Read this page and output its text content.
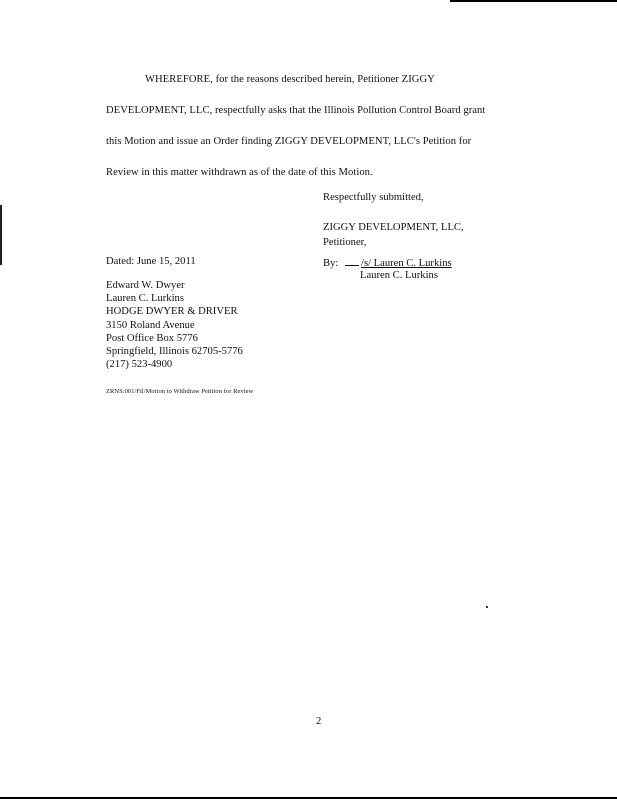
WHEREFORE, for the reasons described herein, Petitioner ZIGGY
DEVELOPMENT, LLC, respectfully asks that the Illinois Pollution Control Board grant
this Motion and issue an Order finding ZIGGY DEVELOPMENT, LLC's Petition for
Review in this matter withdrawn as of the date of this Motion.
Respectfully submitted,
ZIGGY DEVELOPMENT, LLC,
Petitioner,
By: /s/ Lauren C. Lurkins
Lauren C. Lurkins
Dated: June 15, 2011
Edward W. Dwyer
Lauren C. Lurkins
HODGE DWYER & DRIVER
3150 Roland Avenue
Post Office Box 5776
Springfield, Illinois 62705-5776
(217) 523-4900
ZRNS:001/Fil/Motion to Withdraw Petition for Review
2
